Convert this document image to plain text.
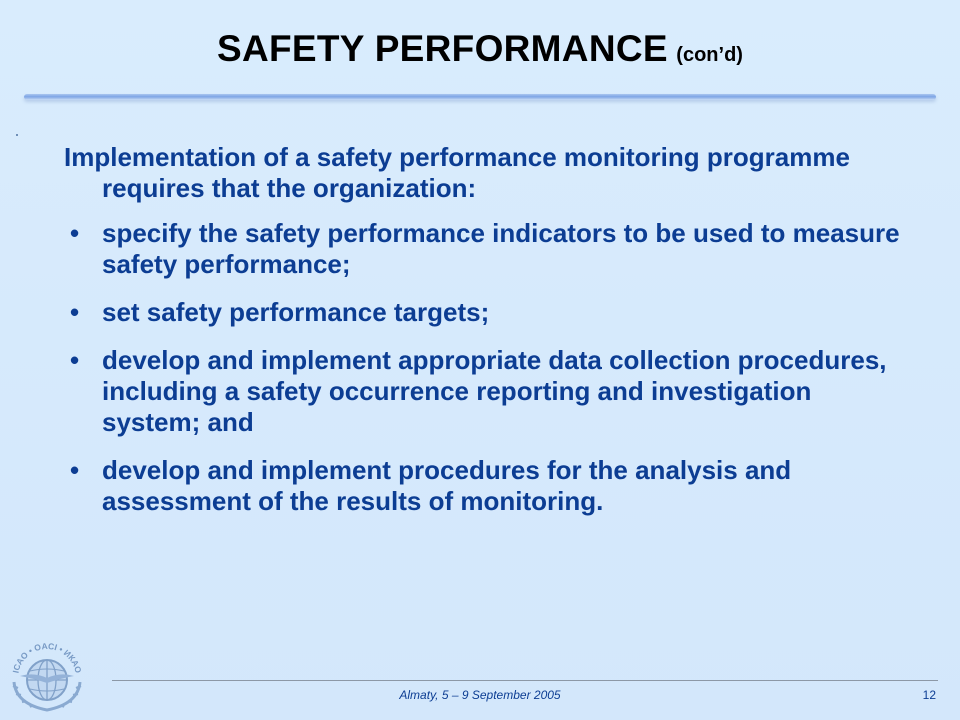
SAFETY PERFORMANCE (con’d)

Implementation of a safety performance monitoring programme requires that the organization:

• specify the safety performance indicators to be used to measure safety performance;
• set safety performance targets;
• develop and implement appropriate data collection procedures, including a safety occurrence reporting and investigation system; and
• develop and implement procedures for the analysis and assessment of the results of monitoring.
Almaty, 5 – 9 September 2005	12
ICAO • OACI • ИКАО
